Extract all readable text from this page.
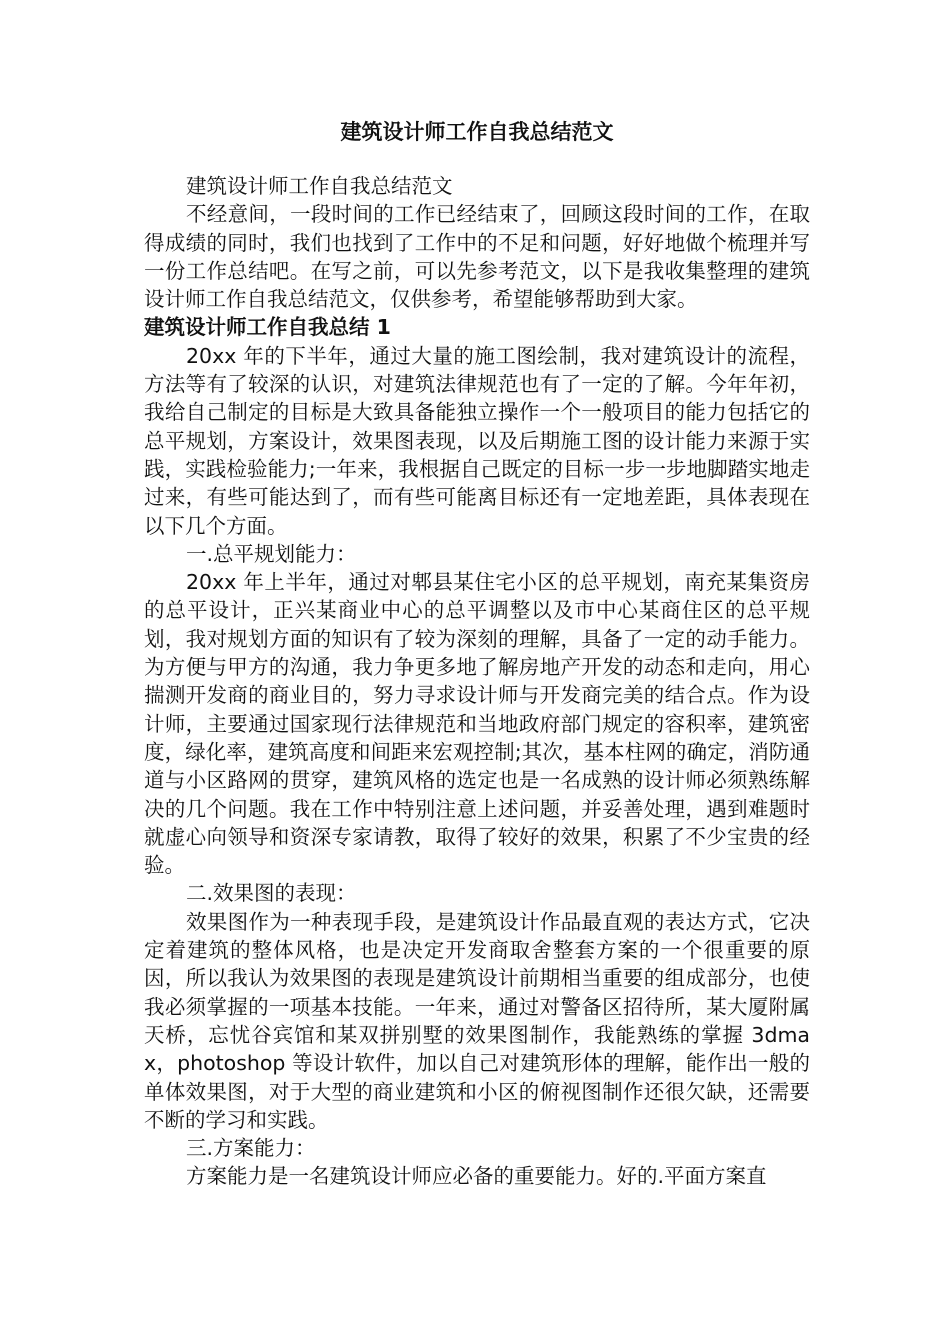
建筑设计师工作自我总结范文

建筑设计师工作自我总结范文

不经意间，一段时间的工作已经结束了，回顾这段时间的工作，在取得成绩的同时，我们也找到了工作中的不足和问题，好好地做个梳理并写一份工作总结吧。在写之前，可以先参考范文，以下是我收集整理的建筑设计师工作自我总结范文，仅供参考，希望能够帮助到大家。

建筑设计师工作自我总结 1

20xx 年的下半年，通过大量的施工图绘制，我对建筑设计的流程，方法等有了较深的认识，对建筑法律规范也有了一定的了解。今年年初，我给自己制定的目标是大致具备能独立操作一个一般项目的能力包括它的总平规划，方案设计，效果图表现，以及后期施工图的设计能力来源于实践，实践检验能力;一年来，我根据自己既定的目标一步一步地脚踏实地走过来，有些可能达到了，而有些可能离目标还有一定地差距，具体表现在以下几个方面。

一.总平规划能力：

20xx 年上半年，通过对郫县某住宅小区的总平规划，南充某集资房的总平设计，正兴某商业中心的总平调整以及市中心某商住区的总平规划，我对规划方面的知识有了较为深刻的理解，具备了一定的动手能力。为方便与甲方的沟通，我力争更多地了解房地产开发的动态和走向，用心揣测开发商的商业目的，努力寻求设计师与开发商完美的结合点。作为设计师，主要通过国家现行法律规范和当地政府部门规定的容积率，建筑密度，绿化率，建筑高度和间距来宏观控制;其次，基本柱网的确定，消防通道与小区路网的贯穿，建筑风格的选定也是一名成熟的设计师必须熟练解决的几个问题。我在工作中特别注意上述问题，并妥善处理，遇到难题时就虚心向领导和资深专家请教，取得了较好的效果，积累了不少宝贵的经验。

二.效果图的表现：

效果图作为一种表现手段，是建筑设计作品最直观的表达方式，它决定着建筑的整体风格，也是决定开发商取舍整套方案的一个很重要的原因，所以我认为效果图的表现是建筑设计前期相当重要的组成部分，也使我必须掌握的一项基本技能。一年来，通过对警备区招待所，某大厦附属天桥，忘忧谷宾馆和某双拼别墅的效果图制作，我能熟练的掌握 3dmax，photoshop 等设计软件，加以自己对建筑形体的理解，能作出一般的单体效果图，对于大型的商业建筑和小区的俯视图制作还很欠缺，还需要不断的学习和实践。

三.方案能力：

方案能力是一名建筑设计师应必备的重要能力。好的.平面方案直
